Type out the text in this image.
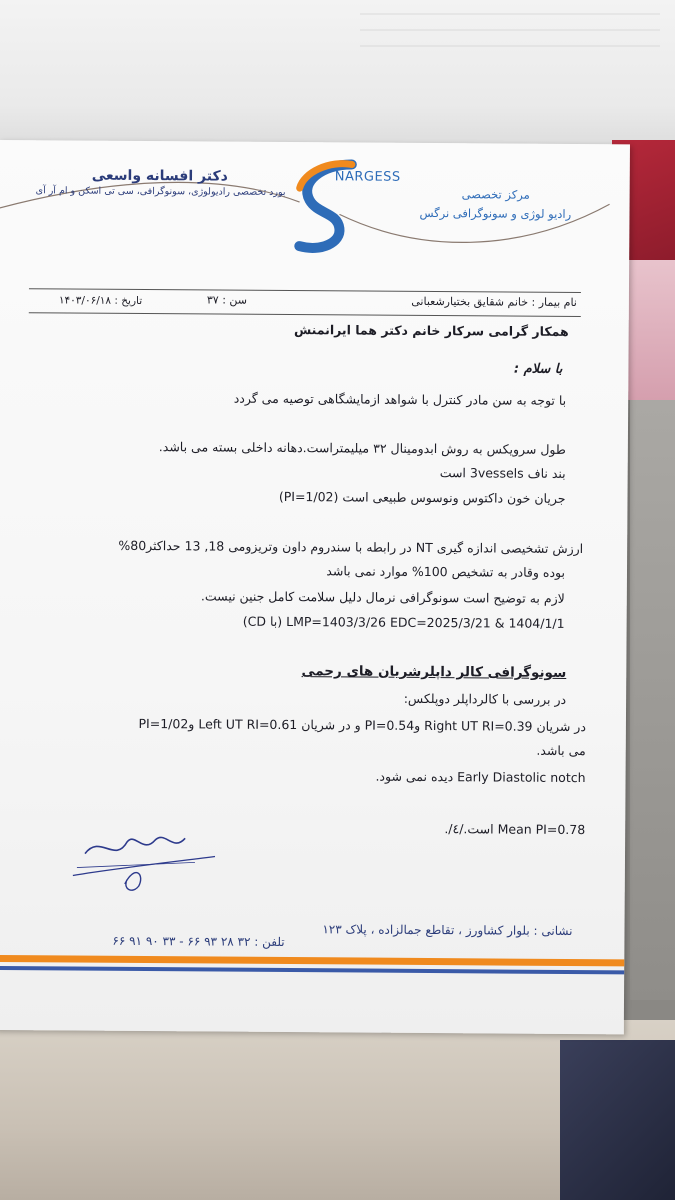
دکتر افسانه واسعی
بورد تخصصی رادیولوژی، سونوگرافی، سی تی اسکن و ام آر آی
NARGESS
مرکز تخصصی
رادیو لوژی و سونوگرافی نرگس
نام بیمار : خانم شقایق بختیارشعبانی
سن : ۳۷
تاریخ : ۱۴۰۳/۰۶/۱۸
همکار گرامی سرکار خانم دکتر هما ایرانمنش
با سلام :
با توجه به سن مادر کنترل با شواهد ازمایشگاهی توصیه می گردد
طول سرویکس به روش ابدومینال ۳۲ میلیمتراست.دهانه داخلی بسته می باشد.
بند ناف 3vessels است
جریان خون داکتوس ونوسوس طبیعی است (PI=1/02)
ارزش تشخیصی اندازه گیری NT در رابطه با سندروم داون وتریزومی 18, 13 حداکثر80%
بوده وقادر به تشخیص 100% موارد نمی باشد
لازم به توضیح است سونوگرافی نرمال دلیل سلامت کامل جنین نیست.
(CD با) LMP=1403/3/26 EDC=2025/3/21 & 1404/1/1
سونوگرافی کالر داپلرشریان های رحمی
در بررسی با کالرداپلر دوپلکس:
در شریان Right UT RI=0.39 وPI=0.54 و در شریان Left UT RI=0.61 وPI=1/02
می باشد.
Early Diastolic notch دیده نمی شود.
Mean PI=0.78 است./٤/.
نشانی : بلوار کشاورز ، تقاطع جمالزاده ، پلاک ۱۲۳
تلفن : ۳۲ ۲۸ ۹۳ ۶۶ - ۳۳ ۹۰ ۹۱ ۶۶
